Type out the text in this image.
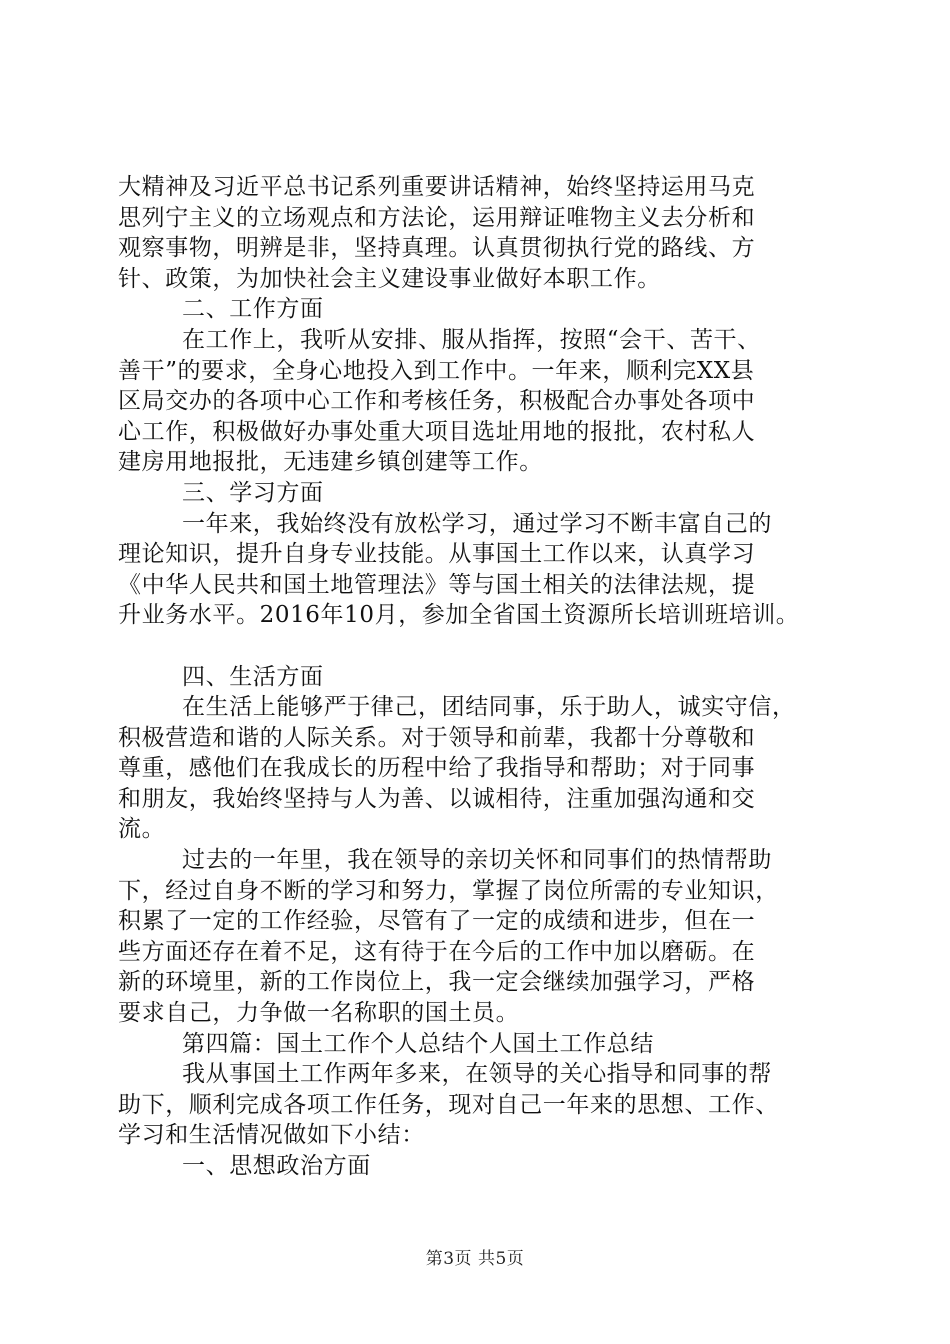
大精神及习近平总书记系列重要讲话精神，始终坚持运用马克
思列宁主义的立场观点和方法论，运用辩证唯物主义去分析和
观察事物，明辨是非，坚持真理。认真贯彻执行党的路线、方
针、政策，为加快社会主义建设事业做好本职工作。
二、工作方面
在工作上，我听从安排、服从指挥，按照“会干、苦干、
善干”的要求，全身心地投入到工作中。一年来，顺利完XX县
区局交办的各项中心工作和考核任务，积极配合办事处各项中
心工作，积极做好办事处重大项目选址用地的报批，农村私人
建房用地报批，无违建乡镇创建等工作。
三、学习方面
一年来，我始终没有放松学习，通过学习不断丰富自己的
理论知识，提升自身专业技能。从事国土工作以来，认真学习
《中华人民共和国土地管理法》等与国土相关的法律法规，提
升业务水平。2016年10月，参加全省国土资源所长培训班培训。
四、生活方面
在生活上能够严于律己，团结同事，乐于助人，诚实守信，
积极营造和谐的人际关系。对于领导和前辈，我都十分尊敬和
尊重，感他们在我成长的历程中给了我指导和帮助；对于同事
和朋友，我始终坚持与人为善、以诚相待，注重加强沟通和交
流。
过去的一年里，我在领导的亲切关怀和同事们的热情帮助
下，经过自身不断的学习和努力，掌握了岗位所需的专业知识，
积累了一定的工作经验，尽管有了一定的成绩和进步，但在一
些方面还存在着不足，这有待于在今后的工作中加以磨砺。在
新的环境里，新的工作岗位上，我一定会继续加强学习，严格
要求自己，力争做一名称职的国土员。
第四篇：国土工作个人总结个人国土工作总结
我从事国土工作两年多来，在领导的关心指导和同事的帮
助下，顺利完成各项工作任务，现对自己一年来的思想、工作、
学习和生活情况做如下小结：
一、思想政治方面
第3页 共5页
